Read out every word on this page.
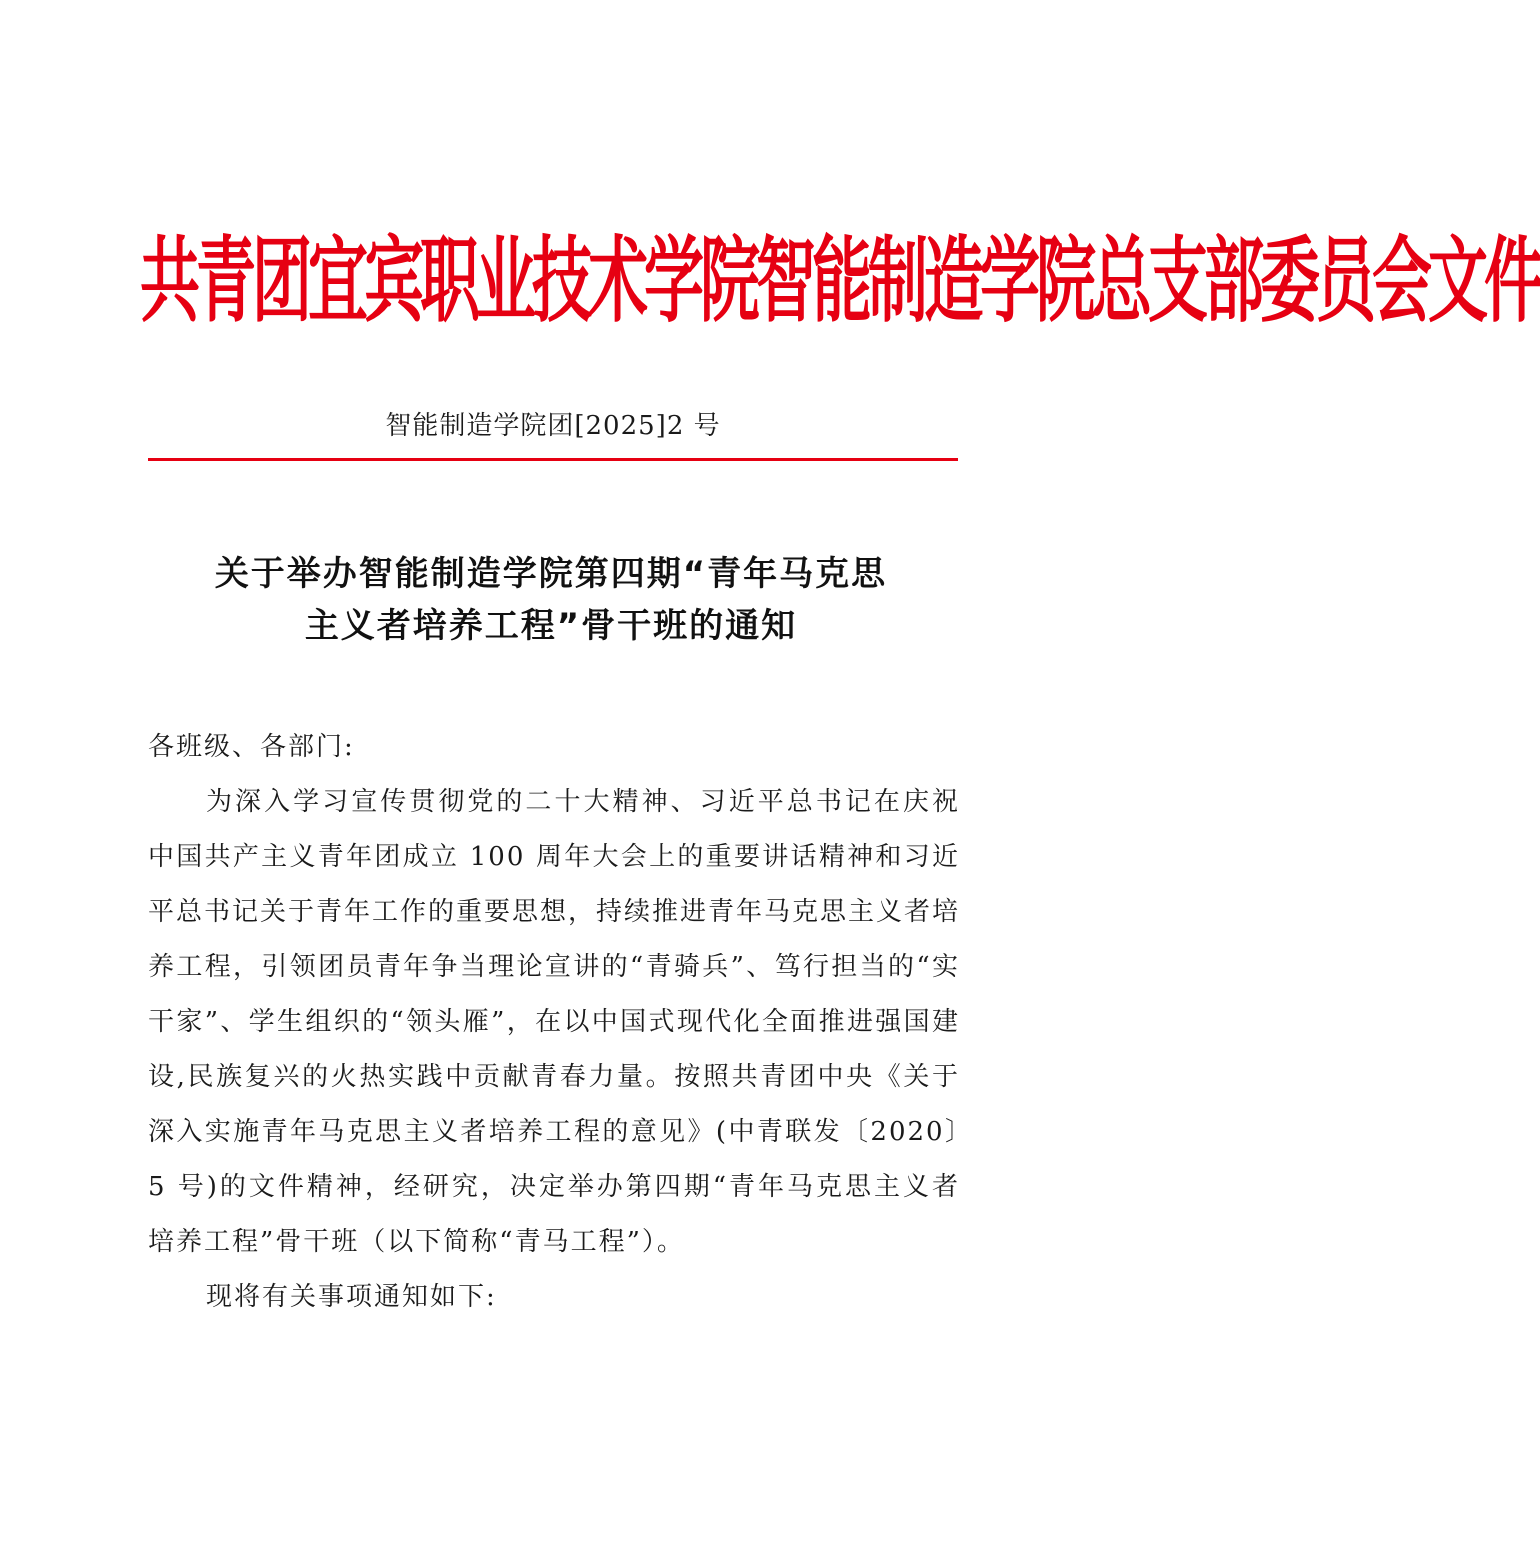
共青团宜宾职业技术学院智能制造学院总支部委员会文件
智能制造学院团[2025]2 号
关于举办智能制造学院第四期“青年马克思
主义者培养工程”骨干班的通知

各班级、各部门:

为深入学习宣传贯彻党的二十大精神、习近平总书记在庆祝中国共产主义青年团成立 100 周年大会上的重要讲话精神和习近平总书记关于青年工作的重要思想，持续推进青年马克思主义者培养工程，引领团员青年争当理论宣讲的“青骑兵”、笃行担当的“实干家”、学生组织的“领头雁”，在以中国式现代化全面推进强国建设,民族复兴的火热实践中贡献青春力量。按照共青团中央《关于深入实施青年马克思主义者培养工程的意见》(中青联发〔2020〕5 号)的文件精神，经研究，决定举办第四期“青年马克思主义者培养工程”骨干班（以下简称“青马工程”）。

现将有关事项通知如下:
